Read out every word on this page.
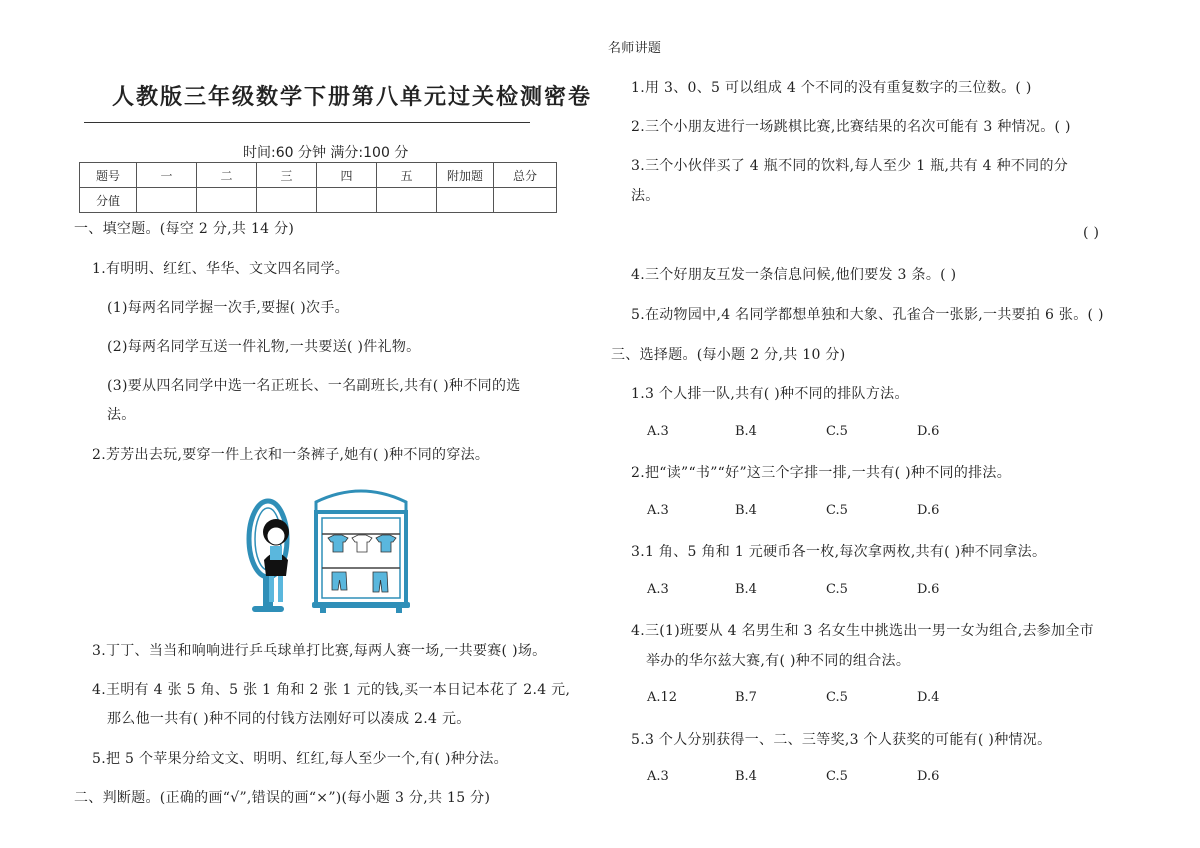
名师讲题
人教版三年级数学下册第八单元过关检测密卷
时间:60 分钟 满分:100 分
题号	一	二	三	四	五	附加题	总分
分值							
一、填空题。(每空 2 分,共 14 分)
1.有明明、红红、华华、文文四名同学。
(1)每两名同学握一次手,要握( )次手。
(2)每两名同学互送一件礼物,一共要送( )件礼物。
(3)要从四名同学中选一名正班长、一名副班长,共有( )种不同的选
法。
2.芳芳出去玩,要穿一件上衣和一条裤子,她有( )种不同的穿法。
3.丁丁、当当和响响进行乒乓球单打比赛,每两人赛一场,一共要赛( )场。
4.王明有 4 张 5 角、5 张 1 角和 2 张 1 元的钱,买一本日记本花了 2.4 元,
那么他一共有( )种不同的付钱方法刚好可以凑成 2.4 元。
5.把 5 个苹果分给文文、明明、红红,每人至少一个,有( )种分法。
二、判断题。(正确的画“√”,错误的画“×”)(每小题 3 分,共 15 分)
1.用 3、0、5 可以组成 4 个不同的没有重复数字的三位数。( )
2.三个小朋友进行一场跳棋比赛,比赛结果的名次可能有 3 种情况。( )
3.三个小伙伴买了 4 瓶不同的饮料,每人至少 1 瓶,共有 4 种不同的分
法。
( )
4.三个好朋友互发一条信息问候,他们要发 3 条。( )
5.在动物园中,4 名同学都想单独和大象、孔雀合一张影,一共要拍 6 张。( )
三、选择题。(每小题 2 分,共 10 分)
1.3 个人排一队,共有( )种不同的排队方法。
A.3	B.4	C.5	D.6
2.把“读”“书”“好”这三个字排一排,一共有( )种不同的排法。
A.3	B.4	C.5	D.6
3.1 角、5 角和 1 元硬币各一枚,每次拿两枚,共有( )种不同拿法。
A.3	B.4	C.5	D.6
4.三(1)班要从 4 名男生和 3 名女生中挑选出一男一女为组合,去参加全市
举办的华尔兹大赛,有( )种不同的组合法。
A.12	B.7	C.5	D.4
5.3 个人分别获得一、二、三等奖,3 个人获奖的可能有( )种情况。
A.3	B.4	C.5	D.6
